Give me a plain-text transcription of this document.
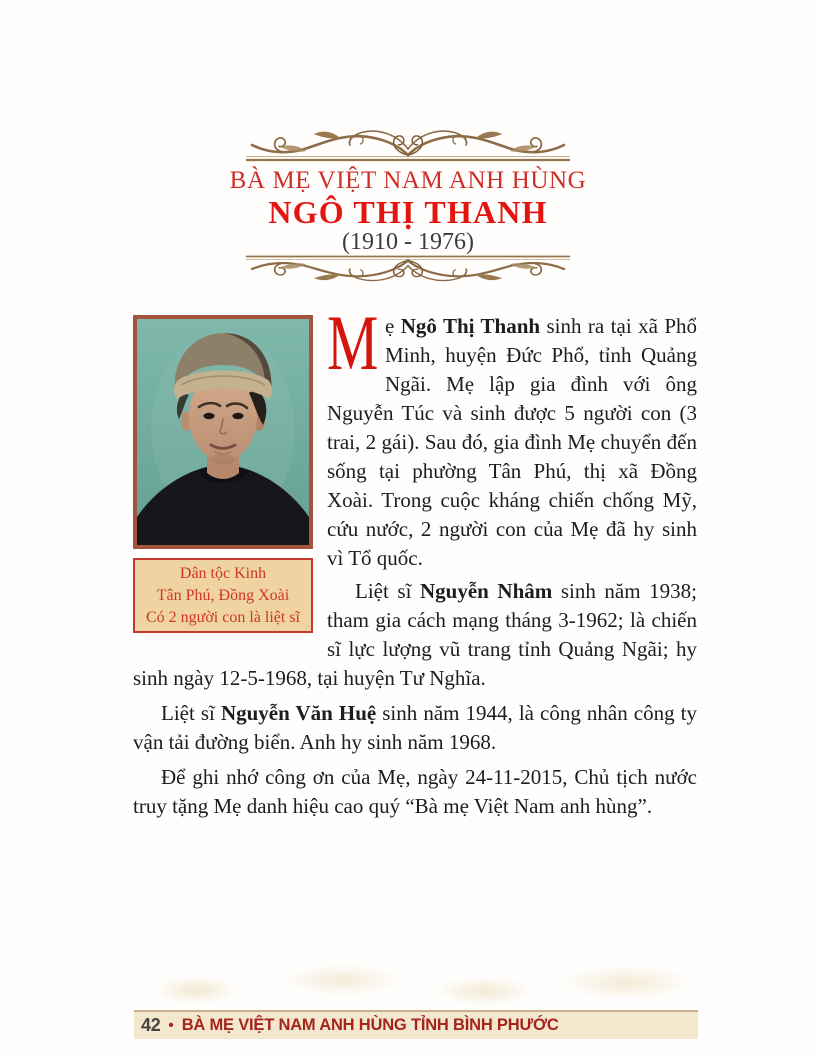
BÀ MẸ VIỆT NAM ANH HÙNG
NGÔ THỊ THANH
(1910 - 1976)
Dân tộc Kinh
Tân Phú, Đồng Xoài
Có 2 người con là liệt sĩ

Mẹ Ngô Thị Thanh sinh ra tại xã Phổ Minh, huyện Đức Phổ, tỉnh Quảng Ngãi. Mẹ lập gia đình với ông Nguyễn Túc và sinh được 5 người con (3 trai, 2 gái). Sau đó, gia đình Mẹ chuyển đến sống tại phường Tân Phú, thị xã Đồng Xoài. Trong cuộc kháng chiến chống Mỹ, cứu nước, 2 người con của Mẹ đã hy sinh vì Tổ quốc.

Liệt sĩ Nguyễn Nhâm sinh năm 1938; tham gia cách mạng tháng 3-1962; là chiến sĩ lực lượng vũ trang tỉnh Quảng Ngãi; hy sinh ngày 12-5-1968, tại huyện Tư Nghĩa.

Liệt sĩ Nguyễn Văn Huệ sinh năm 1944, là công nhân công ty vận tải đường biển. Anh hy sinh năm 1968.

Để ghi nhớ công ơn của Mẹ, ngày 24-11-2015, Chủ tịch nước truy tặng Mẹ danh hiệu cao quý “Bà mẹ Việt Nam anh hùng”.

42 • BÀ MẸ VIỆT NAM ANH HÙNG TỈNH BÌNH PHƯỚC
